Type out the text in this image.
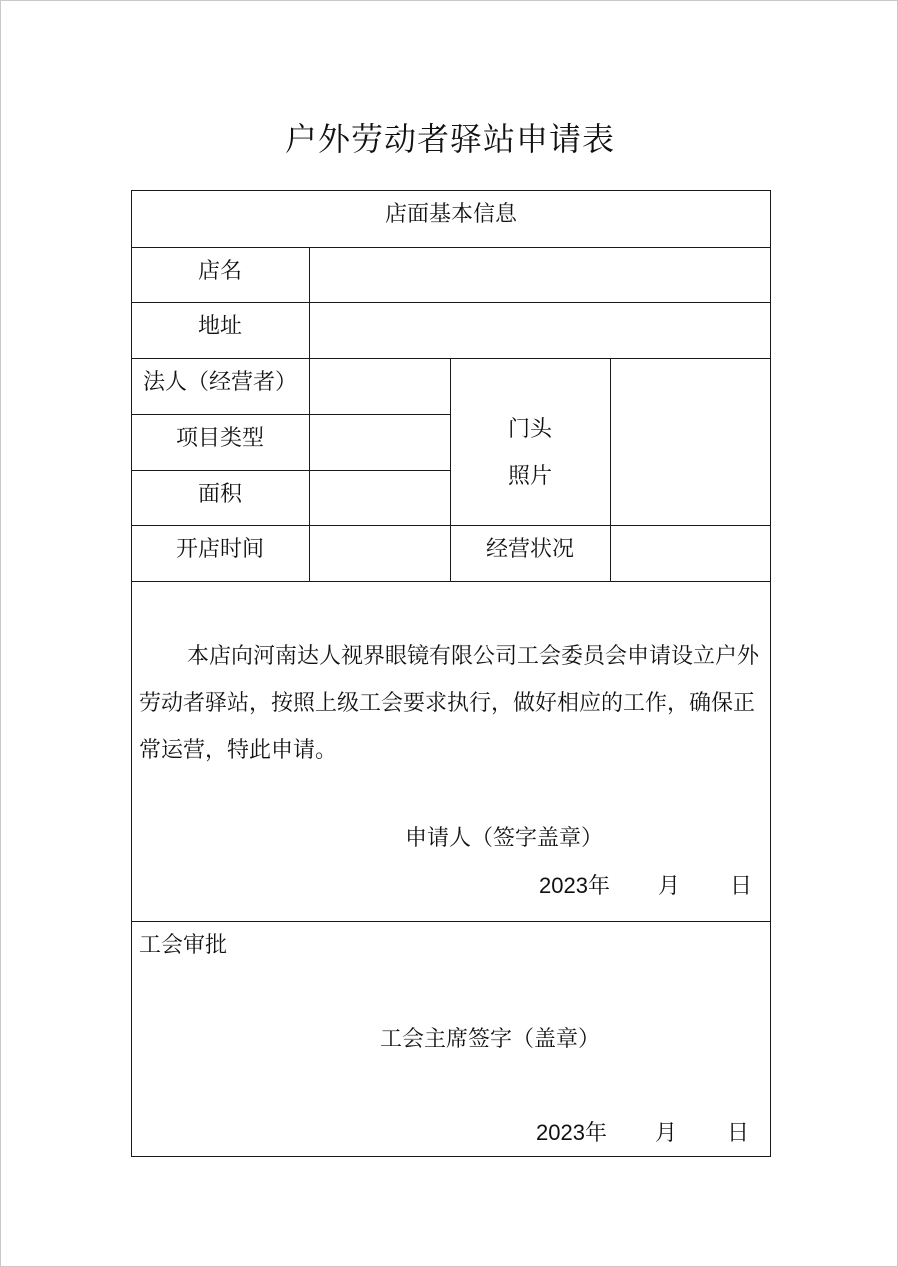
户外劳动者驿站申请表
店面基本信息
店名
地址
法人（经营者）
项目类型
面积
开店时间
门头
照片
经营状况
本店向河南达人视界眼镜有限公司工会委员会申请设立户外劳动者驿站，按照上级工会要求执行，做好相应的工作，确保正常运营，特此申请。
申请人（签字盖章）
2023年 月 日
工会审批
工会主席签字（盖章）
2023年 月 日
